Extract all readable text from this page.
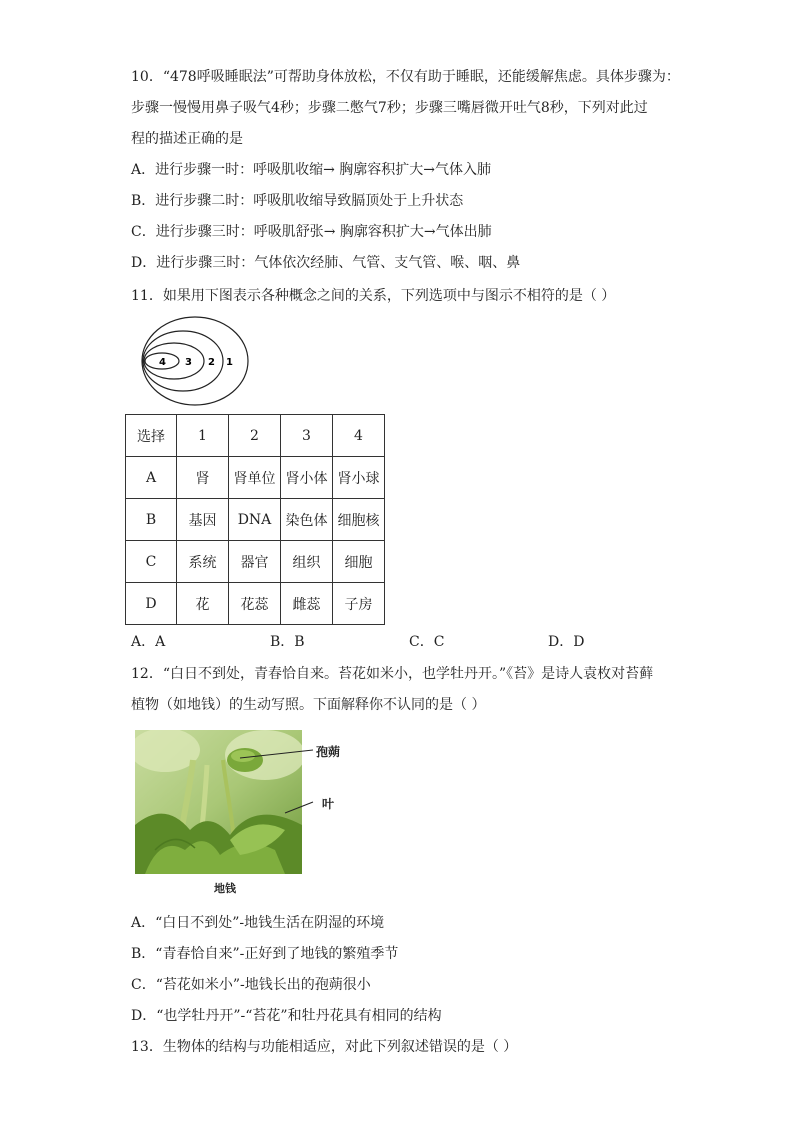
10．“478呼吸睡眠法”可帮助身体放松，不仅有助于睡眠，还能缓解焦虑。具体步骤为：
步骤一慢慢用鼻子吸气4秒；步骤二憋气7秒；步骤三嘴唇微开吐气8秒，下列对此过
程的描述正确的是
A．进行步骤一时：呼吸肌收缩→ 胸廓容积扩大→气体入肺
B．进行步骤二时：呼吸肌收缩导致膈顶处于上升状态
C．进行步骤三时：呼吸肌舒张→ 胸廓容积扩大→气体出肺
D．进行步骤三时：气体依次经肺、气管、支气管、喉、咽、鼻
11．如果用下图表示各种概念之间的关系，下列选项中与图示不相符的是（ ）
4 3 2 1
选择	1	2	3	4
A	肾	肾单位	肾小体	肾小球
B	基因	DNA	染色体	细胞核
C	系统	器官	组织	细胞
D	花	花蕊	雌蕊	子房
A．A	B．B	C．C	D．D
12．“白日不到处，青春恰自来。苔花如米小，也学牡丹开。”《苔》是诗人袁枚对苔藓
植物（如地钱）的生动写照。下面解释你不认同的是（ ）
孢蒴
叶
地钱
A．“白日不到处”-地钱生活在阴湿的环境
B．“青春恰自来”-正好到了地钱的繁殖季节
C．“苔花如米小”-地钱长出的孢蒴很小
D．“也学牡丹开”-“苔花”和牡丹花具有相同的结构
13．生物体的结构与功能相适应，对此下列叙述错误的是（ ）
